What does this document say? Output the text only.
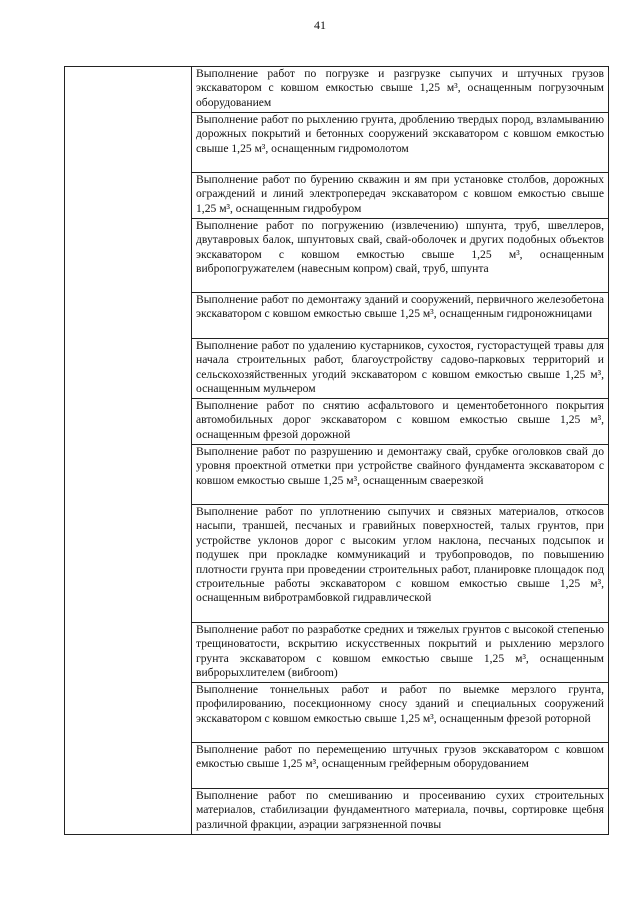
41

Выполнение работ по погрузке и разгрузке сыпучих и штучных грузов экскаватором с ковшом емкостью свыше 1,25 м³, оснащенным погрузочным оборудованием

Выполнение работ по рыхлению грунта, дроблению твердых пород, взламыванию дорожных покрытий и бетонных сооружений экскаватором с ковшом емкостью свыше 1,25 м³, оснащенным гидромолотом

Выполнение работ по бурению скважин и ям при установке столбов, дорожных ограждений и линий электропередач экскаватором с ковшом емкостью свыше 1,25 м³, оснащенным гидробуром

Выполнение работ по погружению (извлечению) шпунта, труб, швеллеров, двутавровых балок, шпунтовых свай, свай-оболочек и других подобных объектов экскаватором с ковшом емкостью свыше 1,25 м³, оснащенным вибропогружателем (навесным копром) свай, труб, шпунта

Выполнение работ по демонтажу зданий и сооружений, первичного железобетона экскаватором с ковшом емкостью свыше 1,25 м³, оснащенным гидроножницами

Выполнение работ по удалению кустарников, сухостоя, густорастущей травы для начала строительных работ, благоустройству садово-парковых территорий и сельскохозяйственных угодий экскаватором с ковшом емкостью свыше 1,25 м³, оснащенным мульчером

Выполнение работ по снятию асфальтового и цементобетонного покрытия автомобильных дорог экскаватором с ковшом емкостью свыше 1,25 м³, оснащенным фрезой дорожной

Выполнение работ по разрушению и демонтажу свай, срубке оголовков свай до уровня проектной отметки при устройстве свайного фундамента экскаватором с ковшом емкостью свыше 1,25 м³, оснащенным сваерезкой

Выполнение работ по уплотнению сыпучих и связных материалов, откосов насыпи, траншей, песчаных и гравийных поверхностей, талых грунтов, при устройстве уклонов дорог с высоким углом наклона, песчаных подсыпок и подушек при прокладке коммуникаций и трубопроводов, по повышению плотности грунта при проведении строительных работ, планировке площадок под строительные работы экскаватором с ковшом емкостью свыше 1,25 м³, оснащенным вибротрамбовкой гидравлической

Выполнение работ по разработке средних и тяжелых грунтов с высокой степенью трещиноватости, вскрытию искусственных покрытий и рыхлению мерзлого грунта экскаватором с ковшом емкостью свыше 1,25 м³, оснащенным виброрыхлителем (вибroom)

Выполнение тоннельных работ и работ по выемке мерзлого грунта, профилированию, посекционному сносу зданий и специальных сооружений экскаватором с ковшом емкостью свыше 1,25 м³, оснащенным фрезой роторной

Выполнение работ по перемещению штучных грузов экскаватором с ковшом емкостью свыше 1,25 м³, оснащенным грейферным оборудованием

Выполнение работ по смешиванию и просеиванию сухих строительных материалов, стабилизации фундаментного материала, почвы, сортировке щебня различной фракции, аэрации загрязненной почвы
